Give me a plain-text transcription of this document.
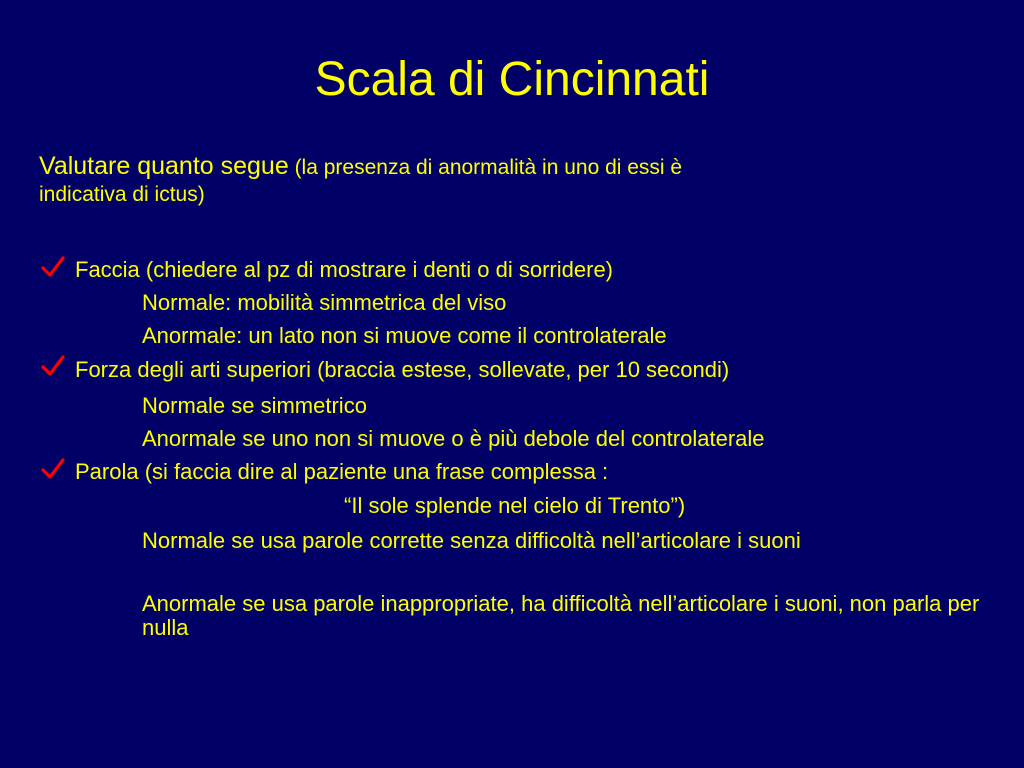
Scala di Cincinnati
Valutare quanto segue (la presenza di anormalità in uno di essi è
indicativa di ictus)
Faccia (chiedere al pz di mostrare i denti o di sorridere)
Normale: mobilità simmetrica del viso
Anormale: un lato non si muove come il controlaterale
Forza degli arti superiori (braccia estese, sollevate, per 10 secondi)
Normale se simmetrico
Anormale se uno non si muove o è più debole del controlaterale
Parola (si faccia dire al paziente una frase complessa :
“Il sole splende nel cielo di Trento”)
Normale se usa parole corrette senza difficoltà nell’articolare i suoni
Anormale se usa parole inappropriate, ha difficoltà nell’articolare i suoni, non parla per nulla
